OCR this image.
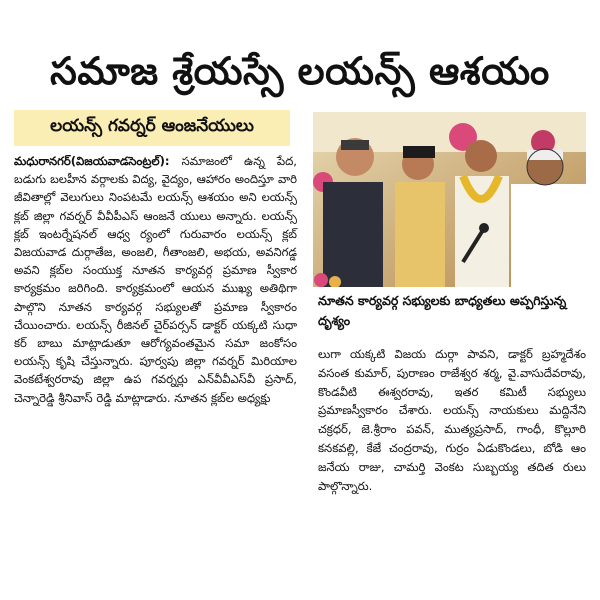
సమాజ శ్రేయస్సే లయన్స్ ఆశయం
లయన్స్ గవర్నర్ ఆంజనేయులు
మధురానగర్(విజయవాడసెంట్రల్): సమాజంలో ఉన్న పేద, బడుగు బలహీన వర్గాలకు విద్య, వైద్యం, ఆహారం అందిస్తూ వారి జీవితాల్లో వెలుగులు నింపటమే లయన్స్ ఆశయం అని లయన్స్ క్లబ్ జిల్లా గవర్నర్ వీవీపీఎస్ ఆంజనే యులు అన్నారు. లయన్స్ క్లబ్ ఇంటర్నేషనల్ ఆధ్వ ర్యంలో గురువారం లయన్స్ క్లబ్ విజయవాడ దుర్గాతేజ, అంజలి, గీతాంజలి, అభయ, అవనిగడ్డ అవని క్లబ్‌ల సంయుక్త నూతన కార్యవర్గ ప్రమాణ స్వీకార కార్యక్రమం జరిగింది. కార్యక్రమంలో ఆయన ముఖ్య అతిథిగా పాల్గొని నూతన కార్యవర్గ సభ్యులతో ప్రమాణ స్వీకారం చేయించారు. లయన్స్ రీజినల్ చైర్‌పర్సన్ డాక్టర్ యక్కటి సుధా కర్ బాబు మాట్లాడుతూ ఆరోగ్యవంతమైన సమా జంకోసం లయన్స్ కృషి చేస్తున్నారు. పూర్వపు జిల్లా గవర్నర్ మిరియాల వెంకటేశ్వరరావు జిల్లా ఉప గవర్నర్లు ఎన్‌వీవీఎస్‌వీ ప్రసాద్, చెన్నారెడ్డి శ్రీనివాస్ రెడ్డి మాట్లాడారు. నూతన క్లబ్‌ల అధ్యక్షు
నూతన కార్యవర్గ సభ్యులకు బాధ్యతలు అప్పగిస్తున్న దృశ్యం
లుగా యక్కటి విజయ దుర్గా పావని, డాక్టర్ బ్రహ్మదేశం వసంత కుమార్, పురాణం రాజేశ్వర శర్మ, వై.వాసుదేవరావు, కొండవీటి ఈశ్వరరావు, ఇతర కమిటీ సభ్యులు ప్రమాణస్వీకారం చేశారు. లయన్స్ నాయకులు మద్దినేని చక్రధర్, జె.శ్రీరాం పవన్, ముత్యప్రసాద్, గాంధీ, కొల్లూరి కనకవల్లి, కేజే చంద్రరావు, గుర్రం ఏడుకొండలు, బోడి ఆం జనేయ రాజు, చామర్తి వెంకట సుబ్బయ్య తదిత రులు పాల్గొన్నారు.
